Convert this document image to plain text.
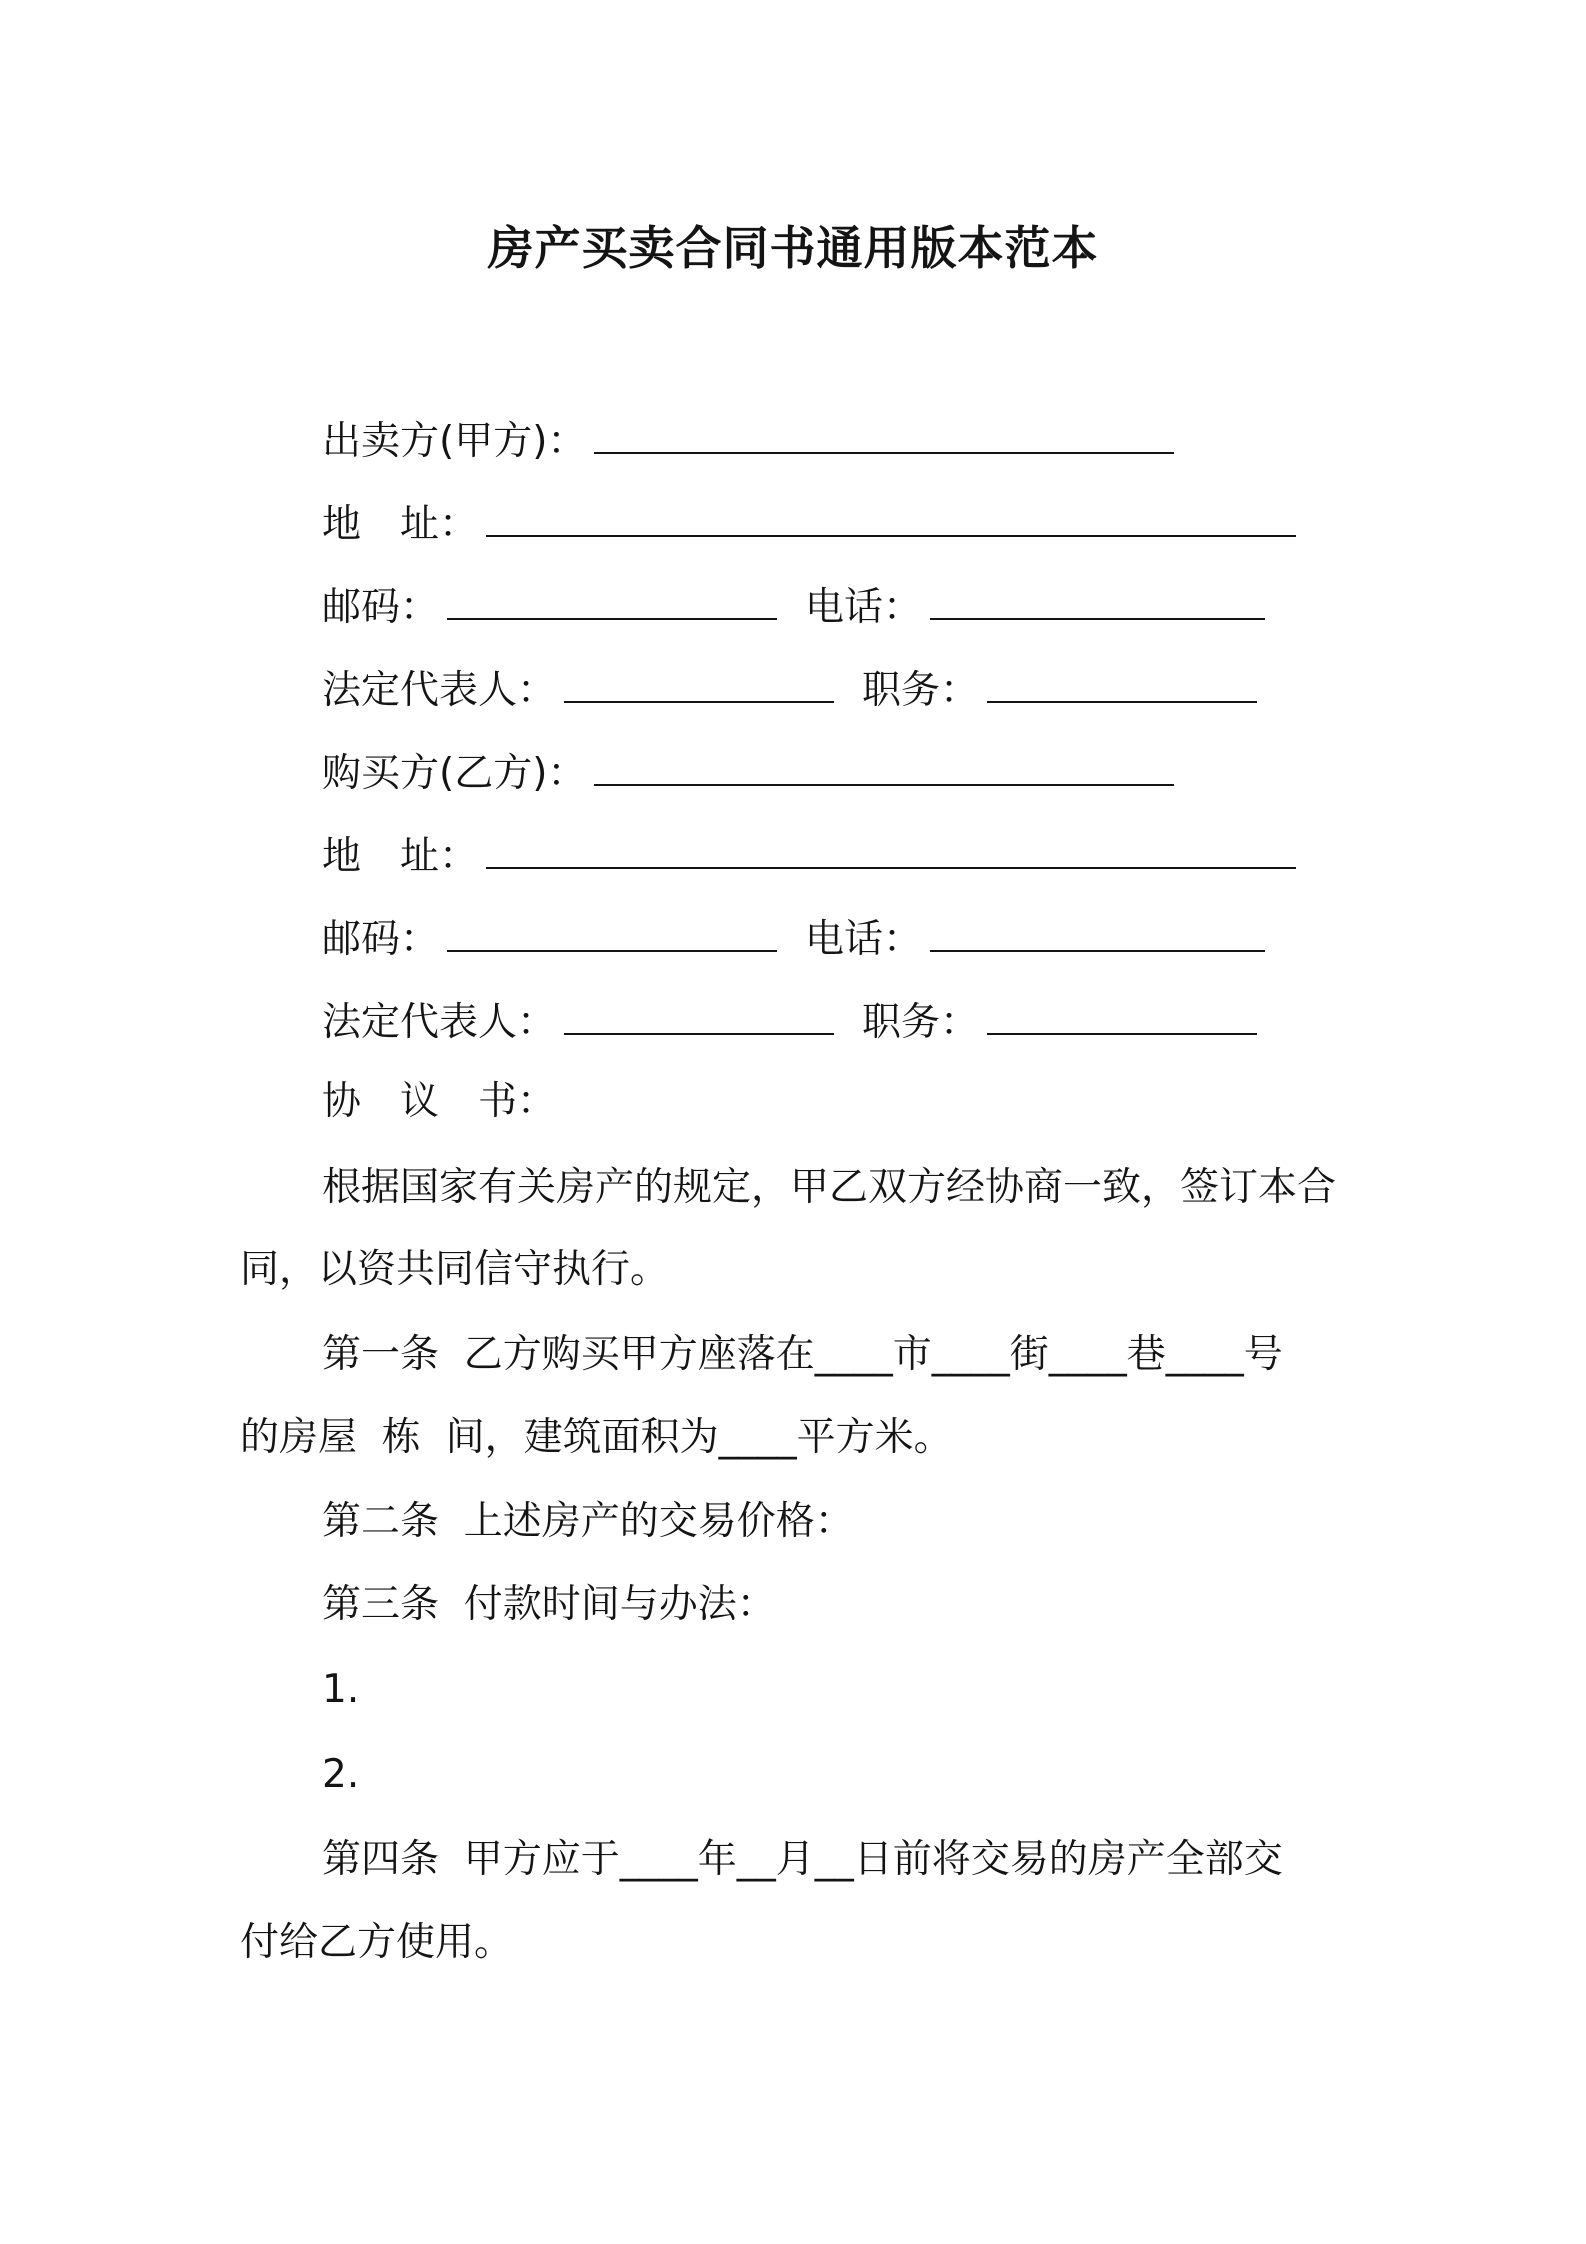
房产买卖合同书通用版本范本
出卖方(甲方)：
地　址：
邮码：	电话：
法定代表人：	职务：
购买方(乙方)：
地　址：
邮码：	电话：
法定代表人：	职务：
协　议　书：
根据国家有关房产的规定，甲乙双方经协商一致，签订本合
同，以资共同信守执行。
第一条  乙方购买甲方座落在____市____街____巷____号
的房屋  栋  间，建筑面积为____平方米。
第二条  上述房产的交易价格：
第三条  付款时间与办法：
1.
2.
第四条  甲方应于____年__月__日前将交易的房产全部交
付给乙方使用。
